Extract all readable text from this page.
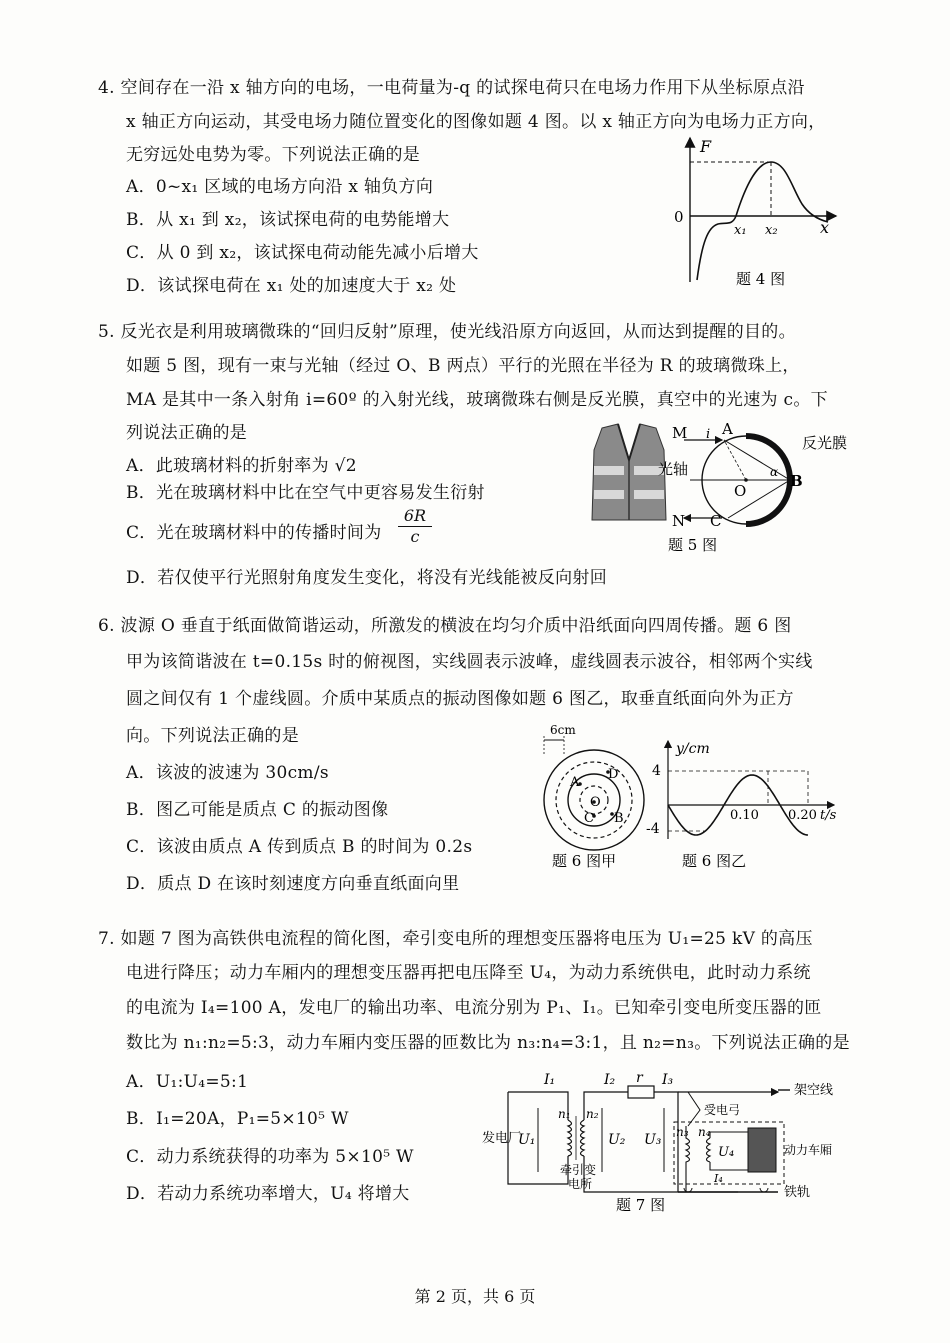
4. 空间存在一沿 x 轴方向的电场，一电荷量为-q 的试探电荷只在电场力作用下从坐标原点沿
x 轴正方向运动，其受电场力随位置变化的图像如题 4 图。以 x 轴正方向为电场力正方向，
无穷远处电势为零。下列说法正确的是
A．0~x₁ 区域的电场方向沿 x 轴负方向
B．从 x₁ 到 x₂，该试探电荷的电势能增大
C．从 0 到 x₂，该试探电荷动能先减小后增大
D．该试探电荷在 x₁ 处的加速度大于 x₂ 处
F
0
x₁ x₂	x
题 4 图
5. 反光衣是利用玻璃微珠的“回归反射”原理，使光线沿原方向返回，从而达到提醒的目的。
如题 5 图，现有一束与光轴（经过 O、B 两点）平行的光照在半径为 R 的玻璃微珠上，
MA 是其中一条入射角 i=60º 的入射光线，玻璃微珠右侧是反光膜，真空中的光速为 c。下
列说法正确的是
A．此玻璃材料的折射率为 √2
B．光在玻璃材料中比在空气中更容易发生衍射
C．光在玻璃材料中的传播时间为 $\frac{6R}{c}$
D．若仅使平行光照射角度发生变化，将没有光线能被反向射回
M i A
光轴
O
α B
N C
反光膜
题 5 图
6. 波源 O 垂直于纸面做简谐运动，所激发的横波在均匀介质中沿纸面向四周传播。题 6 图
甲为该简谐波在 t=0.15s 时的俯视图，实线圆表示波峰，虚线圆表示波谷，相邻两个实线
圆之间仅有 1 个虚线圆。介质中某质点的振动图像如题 6 图乙，取垂直纸面向外为正方
向。下列说法正确的是
A．该波的波速为 30cm/s
B．图乙可能是质点 C 的振动图像
C．该波由质点 A 传到质点 B 的时间为 0.2s
D．质点 D 在该时刻速度方向垂直纸面向里
6cm
A
D
O
C B
题 6 图甲
y/cm
4
-4
0.10 0.20 t/s
题 6 图乙
7. 如题 7 图为高铁供电流程的简化图，牵引变电所的理想变压器将电压为 U₁=25 kV 的高压
电进行降压；动力车厢内的理想变压器再把电压降至 U₄，为动力系统供电，此时动力系统
的电流为 I₄=100 A，发电厂的输出功率、电流分别为 P₁、I₁。已知牵引变电所变压器的匝
数比为 n₁:n₂=5:3，动力车厢内变压器的匝数比为 n₃:n₄=3:1，且 n₂=n₃。下列说法正确的是
A．U₁:U₄=5:1
B．I₁=20A，P₁=5×10⁵ W
C．动力系统获得的功率为 5×10⁵ W
D．若动力系统功率增大，U₄ 将增大
I₁	I₂ r I₃
架空线
受电弓
发电厂
U₁
n₁ n₂
U₂ U₃ n₃ n₄
U₄	动力车厢
I₄
牵引变
电所
铁轨
题 7 图
第 2 页，共 6 页
